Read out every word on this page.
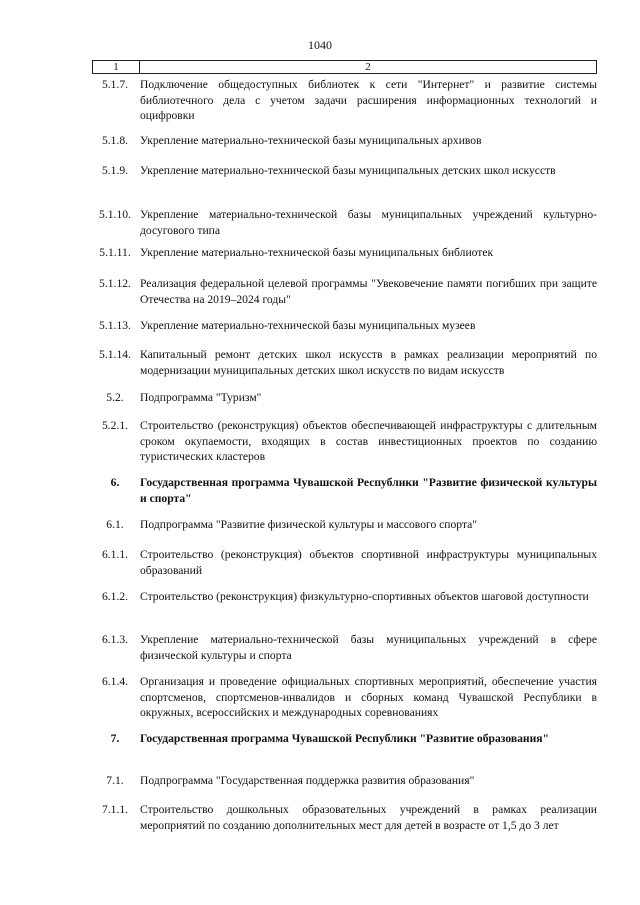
1040
1	2
5.1.7.	Подключение общедоступных библиотек к сети "Интернет" и развитие системы библиотечного дела с учетом задачи расширения информационных технологий и оцифровки
5.1.8.	Укрепление материально-технической базы муниципальных архивов
5.1.9.	Укрепление материально-технической базы муниципальных детских школ искусств
5.1.10. Укрепление материально-технической базы муниципальных учреждений культурно-досугового типа
5.1.11. Укрепление материально-технической базы муниципальных библиотек
5.1.12. Реализация федеральной целевой программы "Увековечение памяти погибших при защите Отечества на 2019–2024 годы"
5.1.13. Укрепление материально-технической базы муниципальных музеев
5.1.14. Капитальный ремонт детских школ искусств в рамках реализации мероприятий по модернизации муниципальных детских школ искусств по видам искусств
5.2.	Подпрограмма "Туризм"
5.2.1.	Строительство (реконструкция) объектов обеспечивающей инфраструктуры с длительным сроком окупаемости, входящих в состав инвестиционных проектов по созданию туристических кластеров
6.	Государственная программа Чувашской Республики "Развитие физической культуры и спорта"
6.1.	Подпрограмма "Развитие физической культуры и массового спорта"
6.1.1.	Строительство (реконструкция) объектов спортивной инфраструктуры муниципальных образований
6.1.2.	Строительство (реконструкция) физкультурно-спортивных объектов шаговой доступности
6.1.3.	Укрепление материально-технической базы муниципальных учреждений в сфере физической культуры и спорта
6.1.4.	Организация и проведение официальных спортивных мероприятий, обеспечение участия спортсменов, спортсменов-инвалидов и сборных команд Чувашской Республики в окружных, всероссийских и международных соревнованиях
7.	Государственная программа Чувашской Республики "Развитие образования"
7.1.	Подпрограмма "Государственная поддержка развития образования"
7.1.1.	Строительство дошкольных образовательных учреждений в рамках реализации мероприятий по созданию дополнительных мест для детей в возрасте от 1,5 до 3 лет
